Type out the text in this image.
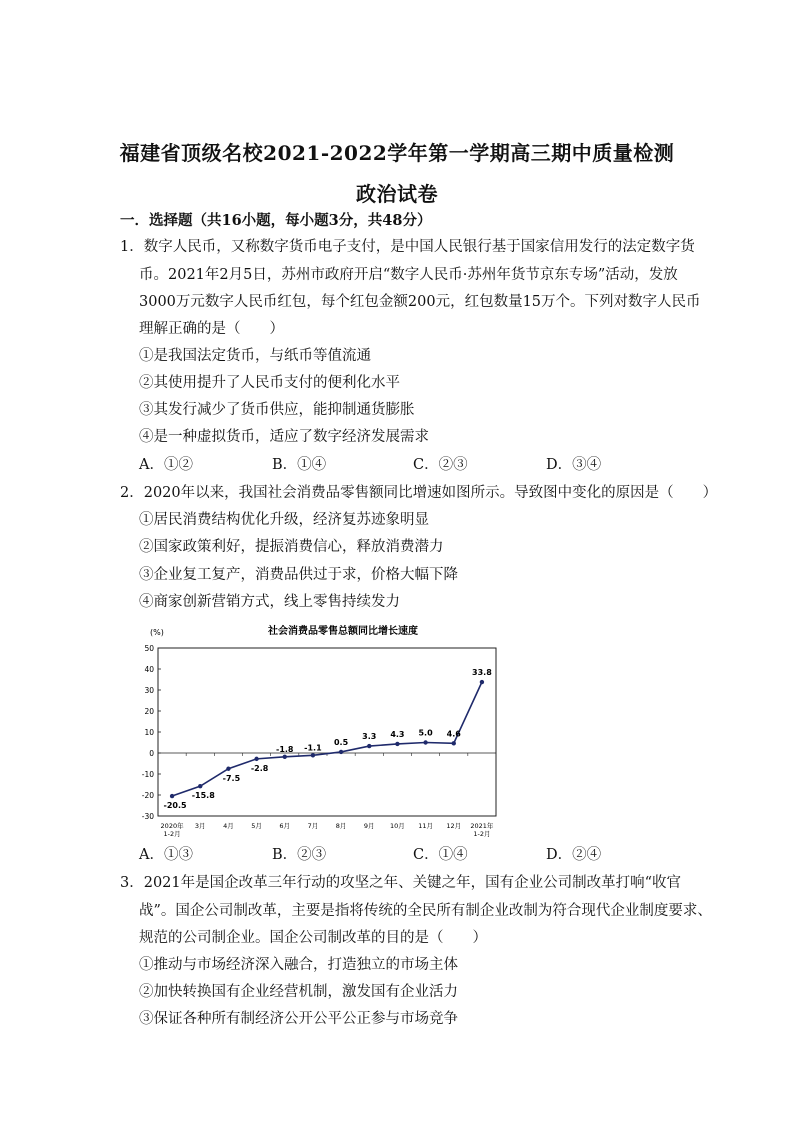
福建省顶级名校2021-2022学年第一学期高三期中质量检测
政治试卷
一．选择题（共16小题，每小题3分，共48分）
1．数字人民币，又称数字货币电子支付，是中国人民银行基于国家信用发行的法定数字货
币。2021年2月5日，苏州市政府开启“数字人民币·苏州年货节京东专场”活动，发放
3000万元数字人民币红包，每个红包金额200元，红包数量15万个。下列对数字人民币
理解正确的是（　　）
①是我国法定货币，与纸币等值流通
②其使用提升了人民币支付的便利化水平
③其发行减少了货币供应，能抑制通货膨胀
④是一种虚拟货币，适应了数字经济发展需求
A．①②	B．①④	C．②③	D．③④
2．2020年以来，我国社会消费品零售额同比增速如图所示。导致图中变化的原因是（　　）
①居民消费结构优化升级，经济复苏迹象明显
②国家政策利好，提振消费信心，释放消费潜力
③企业复工复产，消费品供过于求，价格大幅下降
④商家创新营销方式，线上零售持续发力
社会消费品零售总额同比增长速度
(%)
50
40
30
20
10
0
-10
-20
-30
2020年 1-2月
3月	4月	5月	6月	7月	8月	9月 10月 11月 12月 2021年 1-2月
-20.5
-15.8
-7.5
-2.8
-1.8 -1.1
0.5
3.3 4.3 5.0 4.6
33.8
A．①③	B．②③	C．①④	D．②④
3．2021年是国企改革三年行动的攻坚之年、关键之年，国有企业公司制改革打响“收官
战”。国企公司制改革，主要是指将传统的全民所有制企业改制为符合现代企业制度要求、
规范的公司制企业。国企公司制改革的目的是（　　）
①推动与市场经济深入融合，打造独立的市场主体
②加快转换国有企业经营机制，激发国有企业活力
③保证各种所有制经济公开公平公正参与市场竞争
